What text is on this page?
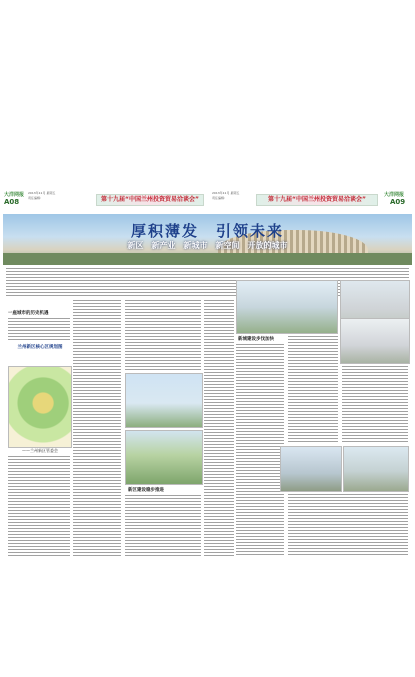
大洋网报
A08
2013年11月 星期五
责任编辑：	第十九届“中国兰州投资贸易洽谈会”
2013年11月 星期五
责任编辑：	第十九届“中国兰州投资贸易洽谈会”
大洋网报
A09
厚积薄发　引领未来
新区　新产业　新城市　新空间　开放的城市
一座城市的历史机遇
兰州新区核心区规划图
——兰州新区管委会
新区建设稳步推进
新城建设步伐加快
